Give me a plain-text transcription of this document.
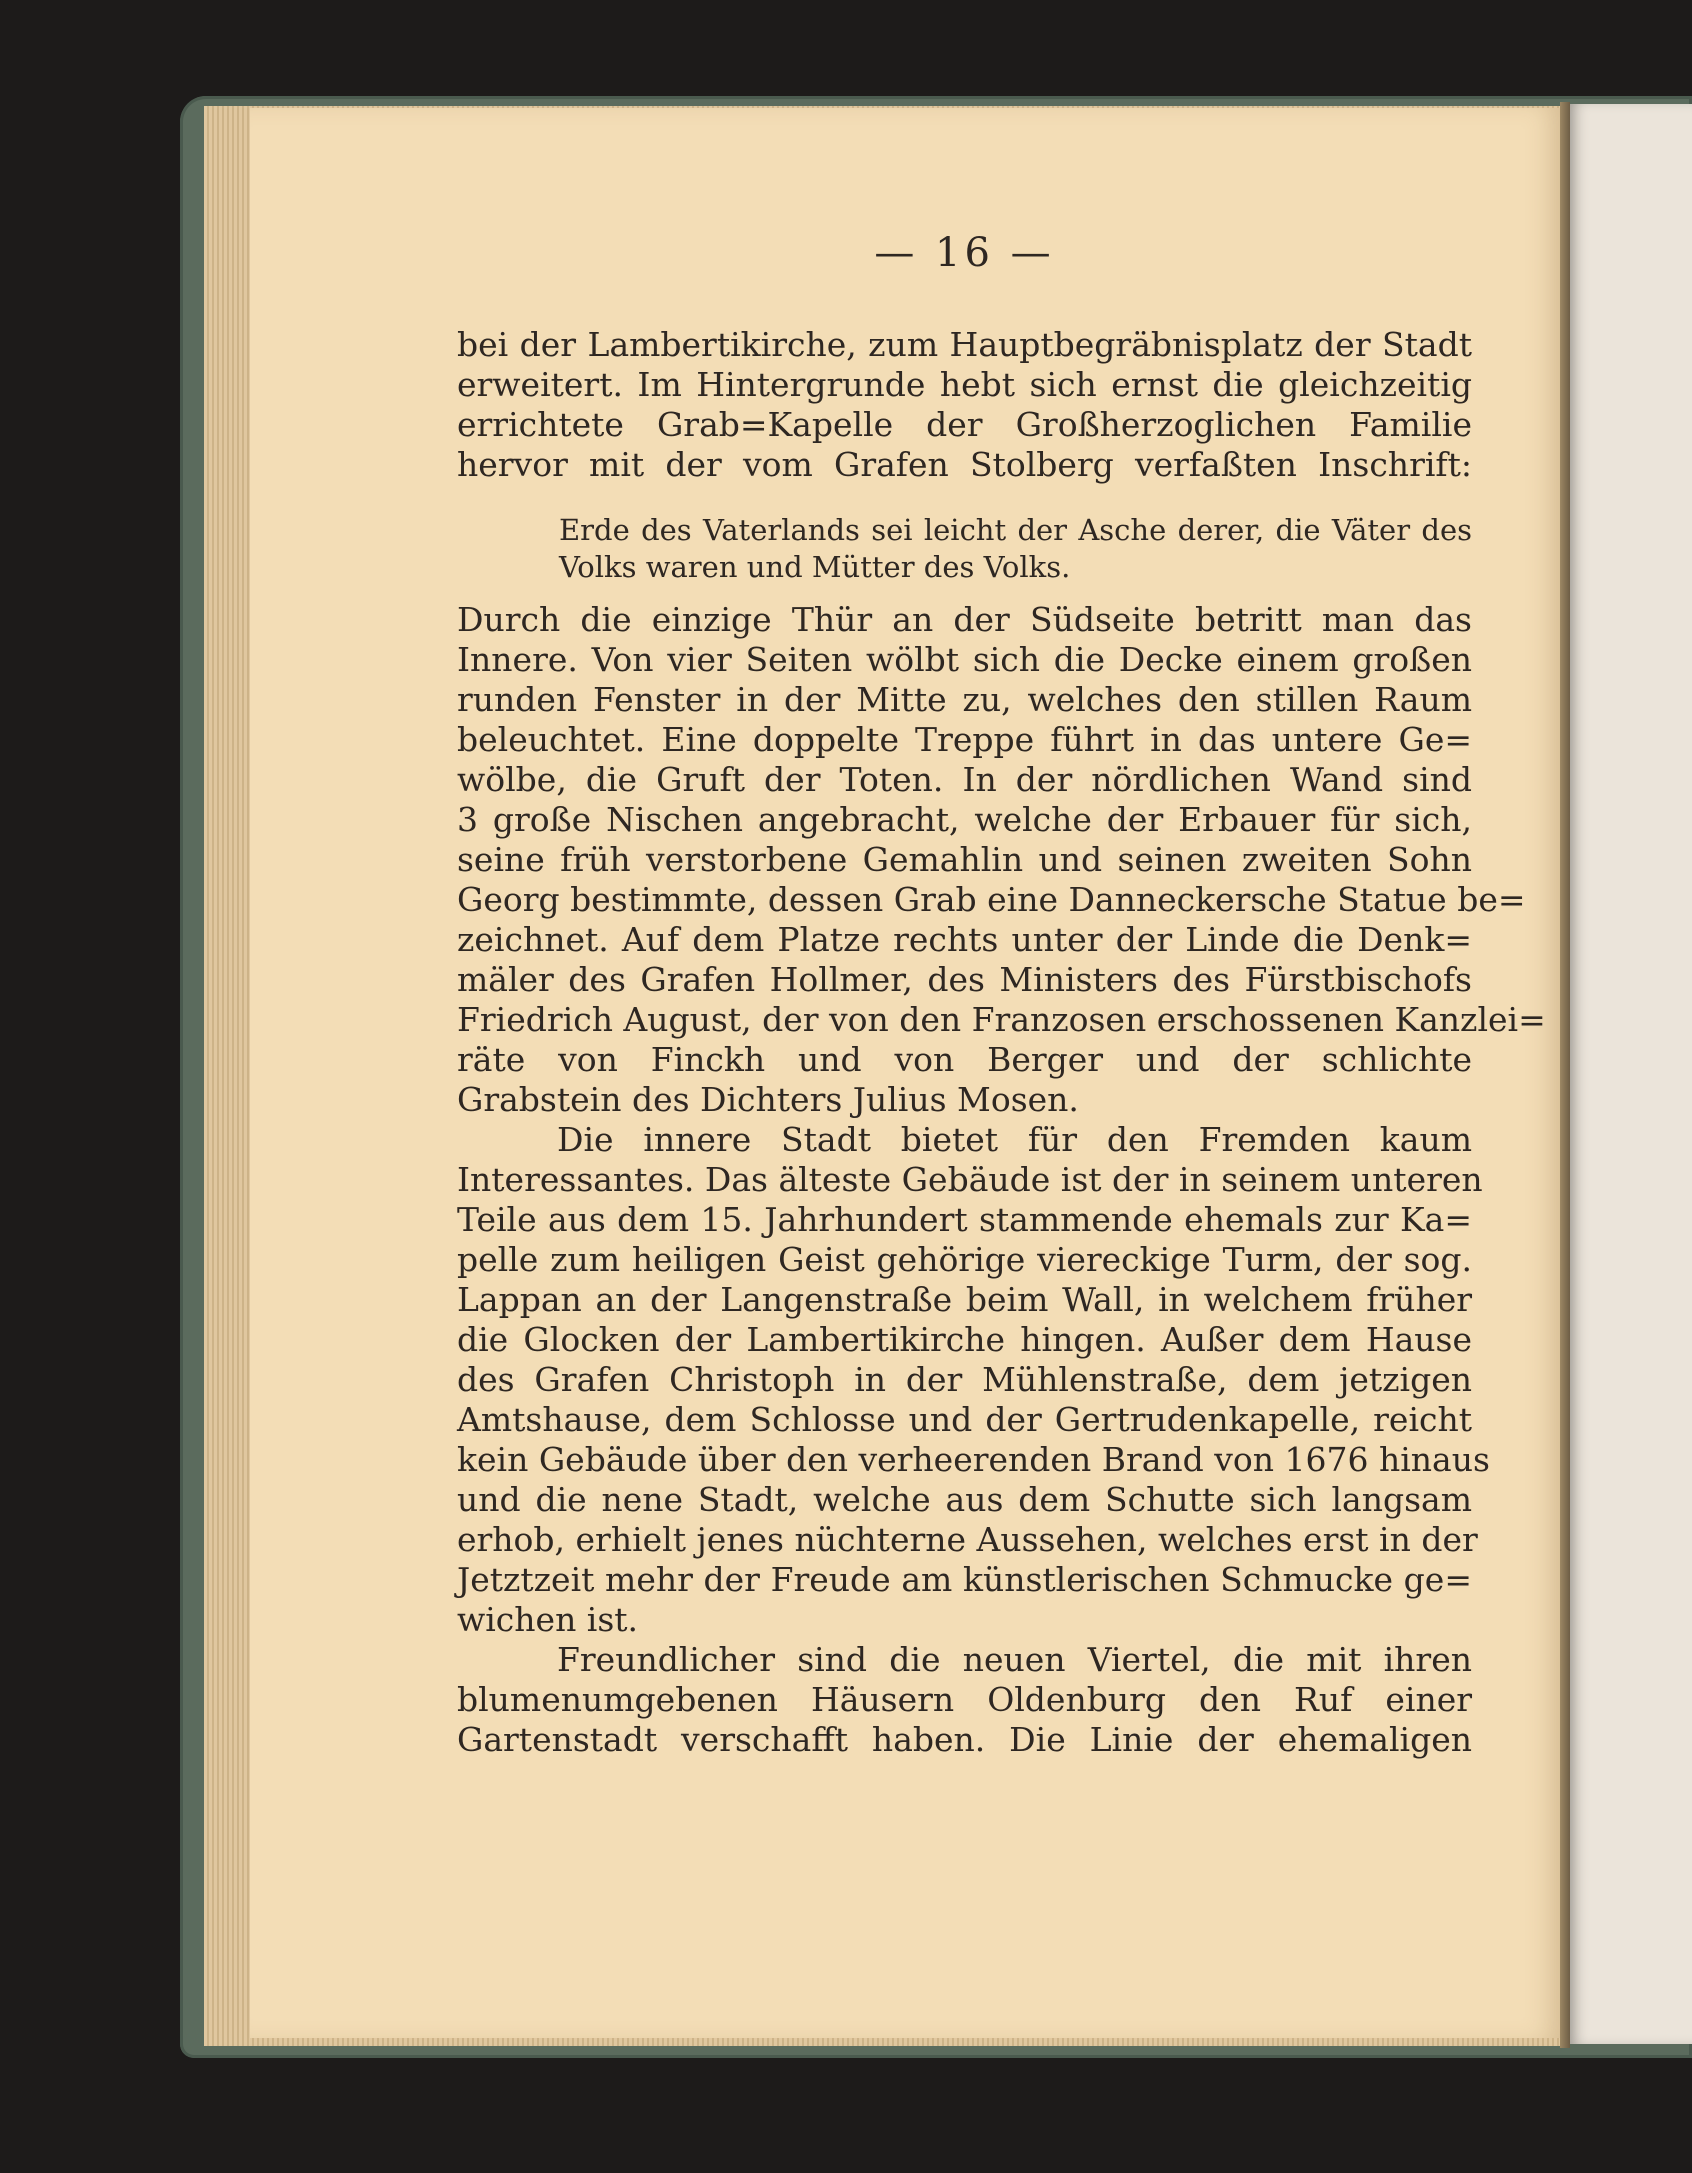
— 16 —
bei der Lambertikirche, zum Hauptbegräbnisplatz der Stadt
erweitert. Im Hintergrunde hebt sich ernst die gleichzeitig
errichtete Grab=Kapelle der Großherzoglichen Familie
hervor mit der vom Grafen Stolberg verfaßten Inschrift:
Erde des Vaterlands sei leicht der Asche derer, die Väter des
Volks waren und Mütter des Volks.
Durch die einzige Thür an der Südseite betritt man das
Innere. Von vier Seiten wölbt sich die Decke einem großen
runden Fenster in der Mitte zu, welches den stillen Raum
beleuchtet. Eine doppelte Treppe führt in das untere Ge=
wölbe, die Gruft der Toten. In der nördlichen Wand sind
3 große Nischen angebracht, welche der Erbauer für sich,
seine früh verstorbene Gemahlin und seinen zweiten Sohn
Georg bestimmte, dessen Grab eine Danneckersche Statue be=
zeichnet. Auf dem Platze rechts unter der Linde die Denk=
mäler des Grafen Hollmer, des Ministers des Fürstbischofs
Friedrich August, der von den Franzosen erschossenen Kanzlei=
räte von Finckh und von Berger und der schlichte
Grabstein des Dichters Julius Mosen.
Die innere Stadt bietet für den Fremden kaum
Interessantes. Das älteste Gebäude ist der in seinem unteren
Teile aus dem 15. Jahrhundert stammende ehemals zur Ka=
pelle zum heiligen Geist gehörige viereckige Turm, der sog.
Lappan an der Langenstraße beim Wall, in welchem früher
die Glocken der Lambertikirche hingen. Außer dem Hause
des Grafen Christoph in der Mühlenstraße, dem jetzigen
Amtshause, dem Schlosse und der Gertrudenkapelle, reicht
kein Gebäude über den verheerenden Brand von 1676 hinaus
und die nene Stadt, welche aus dem Schutte sich langsam
erhob, erhielt jenes nüchterne Aussehen, welches erst in der
Jetztzeit mehr der Freude am künstlerischen Schmucke ge=
wichen ist.
Freundlicher sind die neuen Viertel, die mit ihren
blumenumgebenen Häusern Oldenburg den Ruf einer
Gartenstadt verschafft haben. Die Linie der ehemaligen
